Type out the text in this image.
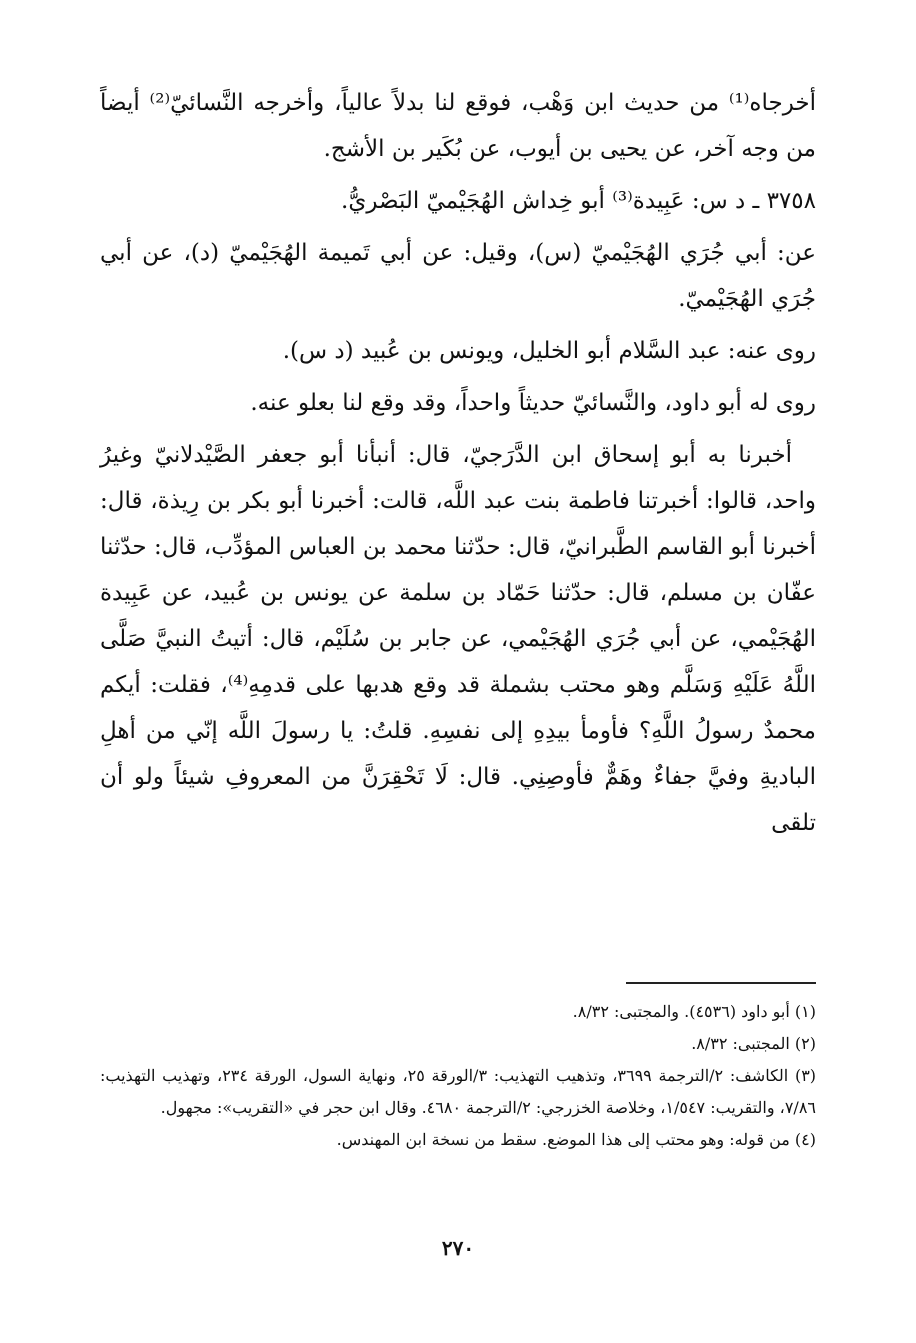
أخرجاه⁽¹⁾ من حديث ابن وَهْب، فوقع لنا بدلاً عالياً، وأخرجه النَّسائيّ⁽²⁾ أيضاً من وجه آخر، عن يحيى بن أيوب، عن بُكَير بن الأشج.

٣٧٥٨ ـ د س: عَبِيدة⁽³⁾ أبو خِداش الهُجَيْميّ البَصْريُّ.

عن: أبي جُرَي الهُجَيْميّ (س)، وقيل: عن أبي تَميمة الهُجَيْميّ (د)، عن أبي جُرَي الهُجَيْميّ.

روى عنه: عبد السَّلام أبو الخليل، ويونس بن عُبيد (د س).

روى له أبو داود، والنَّسائيّ حديثاً واحداً، وقد وقع لنا بعلو عنه.

أخبرنا به أبو إسحاق ابن الدَّرَجيّ، قال: أنبأنا أبو جعفر الصَّيْدلانيّ وغيرُ واحد، قالوا: أخبرتنا فاطمة بنت عبد اللَّه، قالت: أخبرنا أبو بكر بن رِيذة، قال: أخبرنا أبو القاسم الطَّبرانيّ، قال: حدّثنا محمد بن العباس المؤدِّب، قال: حدّثنا عفّان بن مسلم، قال: حدّثنا حَمّاد بن سلمة عن يونس بن عُبيد، عن عَبِيدة الهُجَيْمي، عن أبي جُرَي الهُجَيْمي، عن جابر بن سُلَيْم، قال: أتيتُ النبيَّ صَلَّى اللَّهُ عَلَيْهِ وَسَلَّم وهو محتب بشملة قد وقع هدبها على قدمِهِ⁽⁴⁾، فقلت: أيكم محمدٌ رسولُ اللَّهِ؟ فأومأ بيدِهِ إلى نفسِهِ. قلتُ: يا رسولَ اللَّه إنّي من أهلِ الباديةِ وفيَّ جفاءٌ وهَمٌّ فأوصِنِي. قال: لَا تَحْقِرَنَّ من المعروفِ شيئاً ولو أن تلقى

(١) أبو داود (٤٥٣٦). والمجتبى: ٨/٣٢.

(٢) المجتبى: ٨/٣٢.

(٣) الكاشف: ٢/الترجمة ٣٦٩٩، وتذهيب التهذيب: ٣/الورقة ٢٥، ونهاية السول، الورقة ٢٣٤، وتهذيب التهذيب: ٧/٨٦، والتقريب: ١/٥٤٧، وخلاصة الخزرجي: ٢/الترجمة ٤٦٨٠. وقال ابن حجر في «التقريب»: مجهول.

(٤) من قوله: وهو محتب إلى هذا الموضع. سقط من نسخة ابن المهندس.

٢٧٠
